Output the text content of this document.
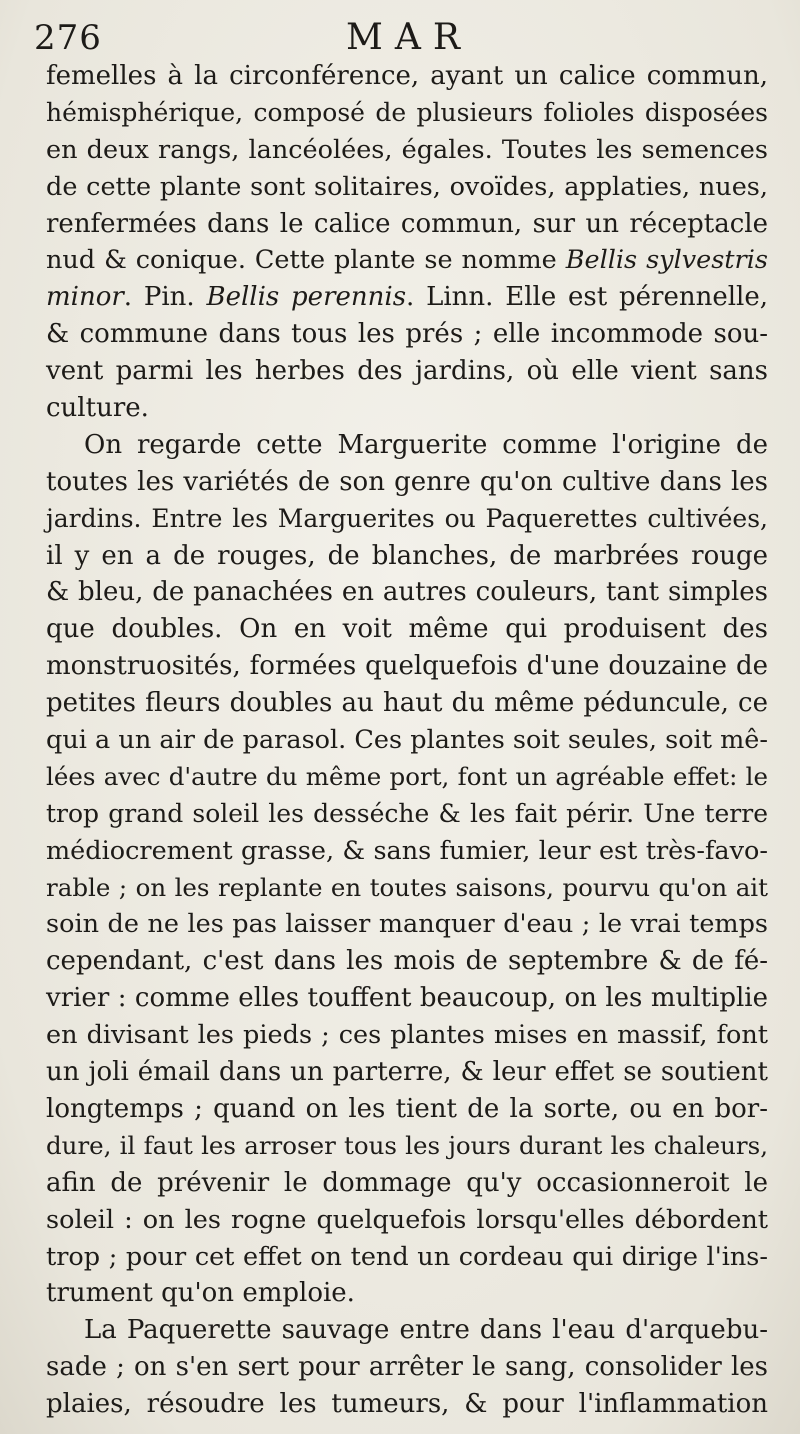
276	MAR

femelles à la circonférence, ayant un calice commun,
hémisphérique, composé de plusieurs folioles disposées
en deux rangs, lancéolées, égales. Toutes les semences
de cette plante sont solitaires, ovoïdes, applaties, nues,
renfermées dans le calice commun, sur un réceptacle
nud & conique. Cette plante se nomme Bellis sylvestris
minor. Pin. Bellis perennis. Linn. Elle est pérennelle,
& commune dans tous les prés ; elle incommode sou-
vent parmi les herbes des jardins, où elle vient sans
culture.

On regarde cette Marguerite comme l'origine de
toutes les variétés de son genre qu'on cultive dans les
jardins. Entre les Marguerites ou Paquerettes cultivées,
il y en a de rouges, de blanches, de marbrées rouge
& bleu, de panachées en autres couleurs, tant simples
que doubles. On en voit même qui produisent des
monstruosités, formées quelquefois d'une douzaine de
petites fleurs doubles au haut du même péduncule, ce
qui a un air de parasol. Ces plantes soit seules, soit mê-
lées avec d'autre du même port, font un agréable effet: le
trop grand soleil les desséche & les fait périr. Une terre
médiocrement grasse, & sans fumier, leur est très-favo-
rable ; on les replante en toutes saisons, pourvu qu'on ait
soin de ne les pas laisser manquer d'eau ; le vrai temps
cependant, c'est dans les mois de septembre & de fé-
vrier : comme elles touffent beaucoup, on les multiplie
en divisant les pieds ; ces plantes mises en massif, font
un joli émail dans un parterre, & leur effet se soutient
longtemps ; quand on les tient de la sorte, ou en bor-
dure, il faut les arroser tous les jours durant les chaleurs,
afin de prévenir le dommage qu'y occasionneroit le
soleil : on les rogne quelquefois lorsqu'elles débordent
trop ; pour cet effet on tend un cordeau qui dirige l'ins-
trument qu'on emploie.

La Paquerette sauvage entre dans l'eau d'arquebu-
sade ; on s'en sert pour arrêter le sang, consolider les
plaies, résoudre les tumeurs, & pour l'inflammation
